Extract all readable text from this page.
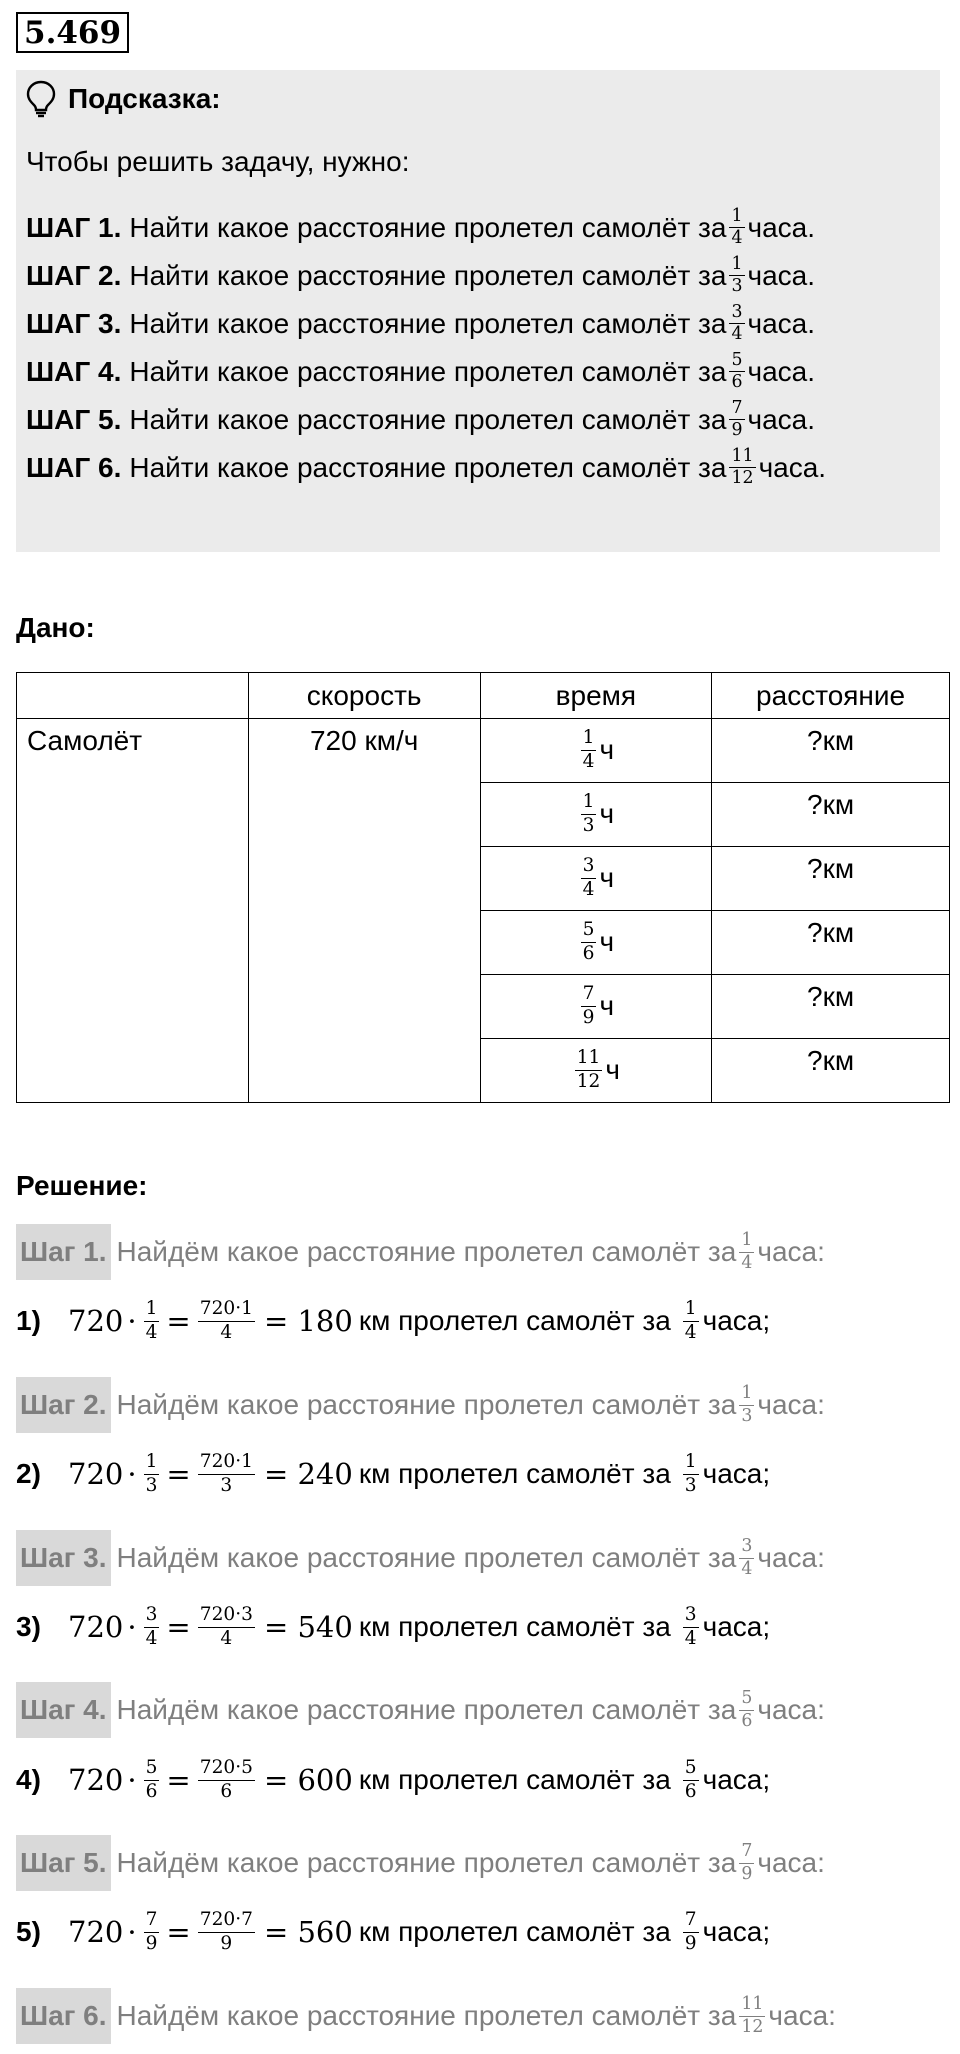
5.469
Подсказка:
Чтобы решить задачу, нужно:
ШАГ 1. Найти какое расстояние пролетел самолёт за $\frac{1}{4}$ часа.
ШАГ 2. Найти какое расстояние пролетел самолёт за $\frac{1}{3}$ часа.
ШАГ 3. Найти какое расстояние пролетел самолёт за $\frac{3}{4}$ часа.
ШАГ 4. Найти какое расстояние пролетел самолёт за $\frac{5}{6}$ часа.
ШАГ 5. Найти какое расстояние пролетел самолёт за $\frac{7}{9}$ часа.
ШАГ 6. Найти какое расстояние пролетел самолёт за $\frac{11}{12}$ часа.
Дано:
	скорость	время	расстояние
Самолёт	720 км/ч	$\frac{1}{4}$ ч	?км

		$\frac{1}{3}$ ч	?км

		$\frac{3}{4}$ ч	?км

		$\frac{5}{6}$ ч	?км

		$\frac{7}{9}$ ч	?км

		$\frac{11}{12}$ ч	?км
Решение:
Шаг 1. Найдём какое расстояние пролетел самолёт за $\frac{1}{4}$ часа:
1) $720 \cdot \frac{1}{4} = \frac{720\cdot 1}{4} = 180$ км пролетел самолёт за $\frac{1}{4}$ часа;
Шаг 2. Найдём какое расстояние пролетел самолёт за $\frac{1}{3}$ часа:
2) $720 \cdot \frac{1}{3} = \frac{720\cdot 1}{3} = 240$ км пролетел самолёт за $\frac{1}{3}$ часа;
Шаг 3. Найдём какое расстояние пролетел самолёт за $\frac{3}{4}$ часа:
3) $720 \cdot \frac{3}{4} = \frac{720\cdot 3}{4} = 540$ км пролетел самолёт за $\frac{3}{4}$ часа;
Шаг 4. Найдём какое расстояние пролетел самолёт за $\frac{5}{6}$ часа:
4) $720 \cdot \frac{5}{6} = \frac{720\cdot 5}{6} = 600$ км пролетел самолёт за $\frac{5}{6}$ часа;
Шаг 5. Найдём какое расстояние пролетел самолёт за $\frac{7}{9}$ часа:
5) $720 \cdot \frac{7}{9} = \frac{720\cdot 7}{9} = 560$ км пролетел самолёт за $\frac{7}{9}$ часа;
Шаг 6. Найдём какое расстояние пролетел самолёт за $\frac{11}{12}$ часа:
